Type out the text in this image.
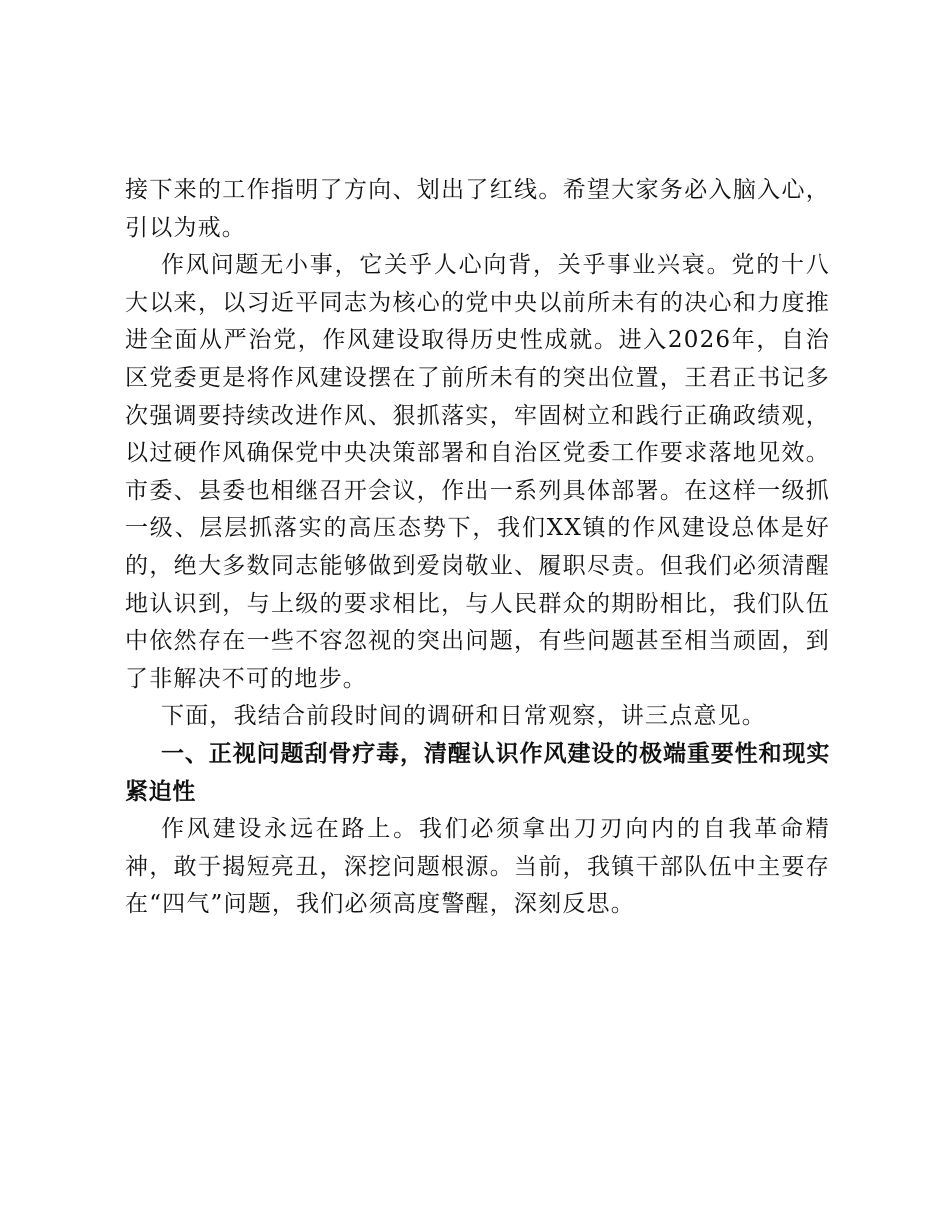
接下来的工作指明了方向、划出了红线。希望大家务必入脑入心，引以为戒。

作风问题无小事，它关乎人心向背，关乎事业兴衰。党的十八大以来，以习近平同志为核心的党中央以前所未有的决心和力度推进全面从严治党，作风建设取得历史性成就。进入2026年，自治区党委更是将作风建设摆在了前所未有的突出位置，王君正书记多次强调要持续改进作风、狠抓落实，牢固树立和践行正确政绩观，以过硬作风确保党中央决策部署和自治区党委工作要求落地见效。市委、县委也相继召开会议，作出一系列具体部署。在这样一级抓一级、层层抓落实的高压态势下，我们XX镇的作风建设总体是好的，绝大多数同志能够做到爱岗敬业、履职尽责。但我们必须清醒地认识到，与上级的要求相比，与人民群众的期盼相比，我们队伍中依然存在一些不容忽视的突出问题，有些问题甚至相当顽固，到了非解决不可的地步。

下面，我结合前段时间的调研和日常观察，讲三点意见。

一、正视问题刮骨疗毒，清醒认识作风建设的极端重要性和现实紧迫性

作风建设永远在路上。我们必须拿出刀刃向内的自我革命精神，敢于揭短亮丑，深挖问题根源。当前，我镇干部队伍中主要存在“四气”问题，我们必须高度警醒，深刻反思。
